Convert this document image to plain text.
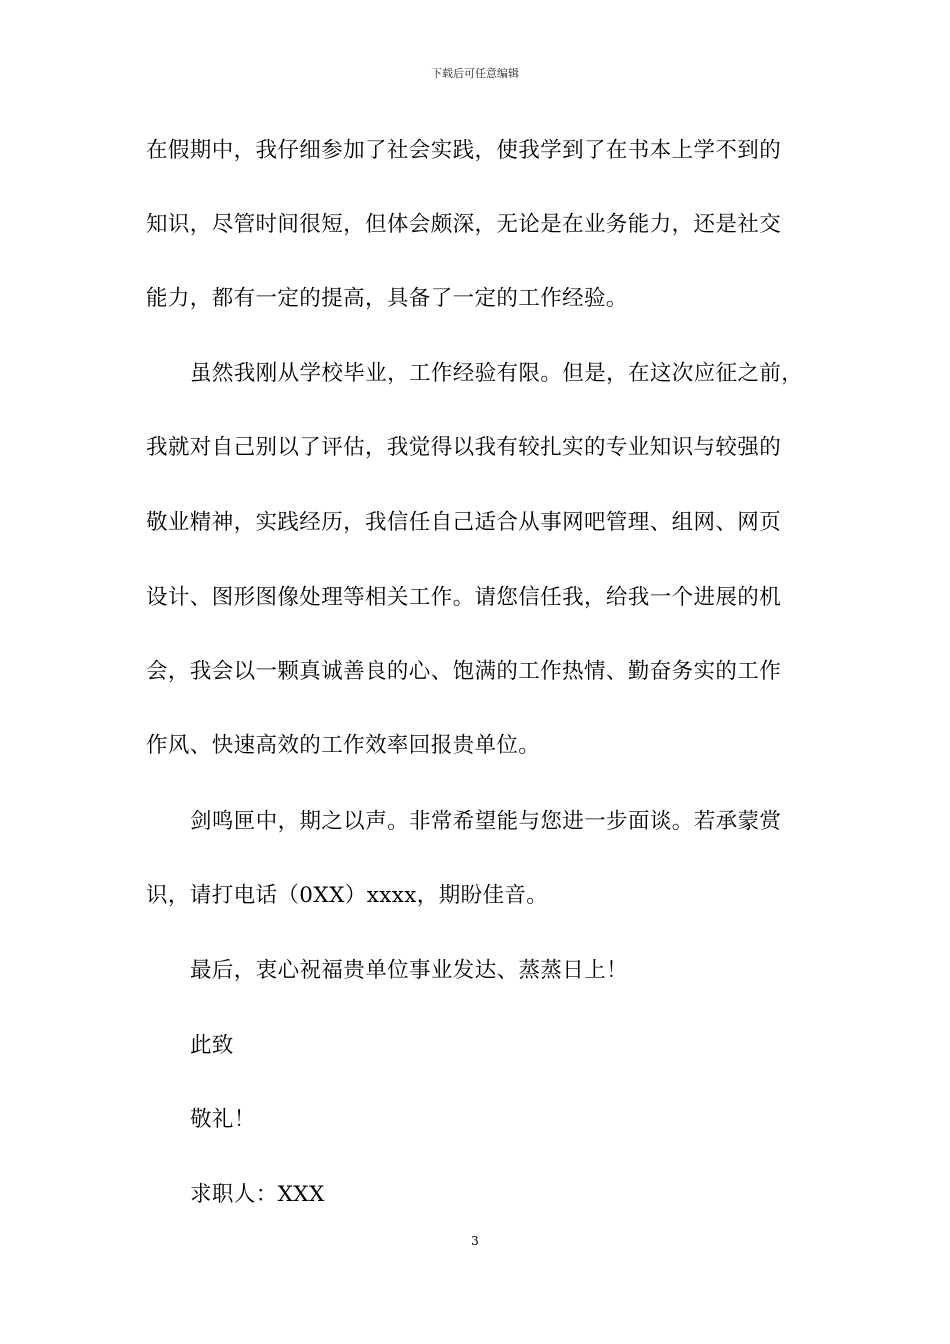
下载后可任意编辑
在假期中，我仔细参加了社会实践，使我学到了在书本上学不到的
知识，尽管时间很短，但体会颇深，无论是在业务能力，还是社交
能力，都有一定的提高，具备了一定的工作经验。
虽然我刚从学校毕业，工作经验有限。但是，在这次应征之前，
我就对自己别以了评估，我觉得以我有较扎实的专业知识与较强的
敬业精神，实践经历，我信任自己适合从事网吧管理、组网、网页
设计、图形图像处理等相关工作。请您信任我，给我一个进展的机
会，我会以一颗真诚善良的心、饱满的工作热情、勤奋务实的工作
作风、快速高效的工作效率回报贵单位。
剑鸣匣中，期之以声。非常希望能与您进一步面谈。若承蒙赏
识，请打电话（0XX）xxxx，期盼佳音。
最后，衷心祝福贵单位事业发达、蒸蒸日上！
此致
敬礼！
求职人：XXX
3
